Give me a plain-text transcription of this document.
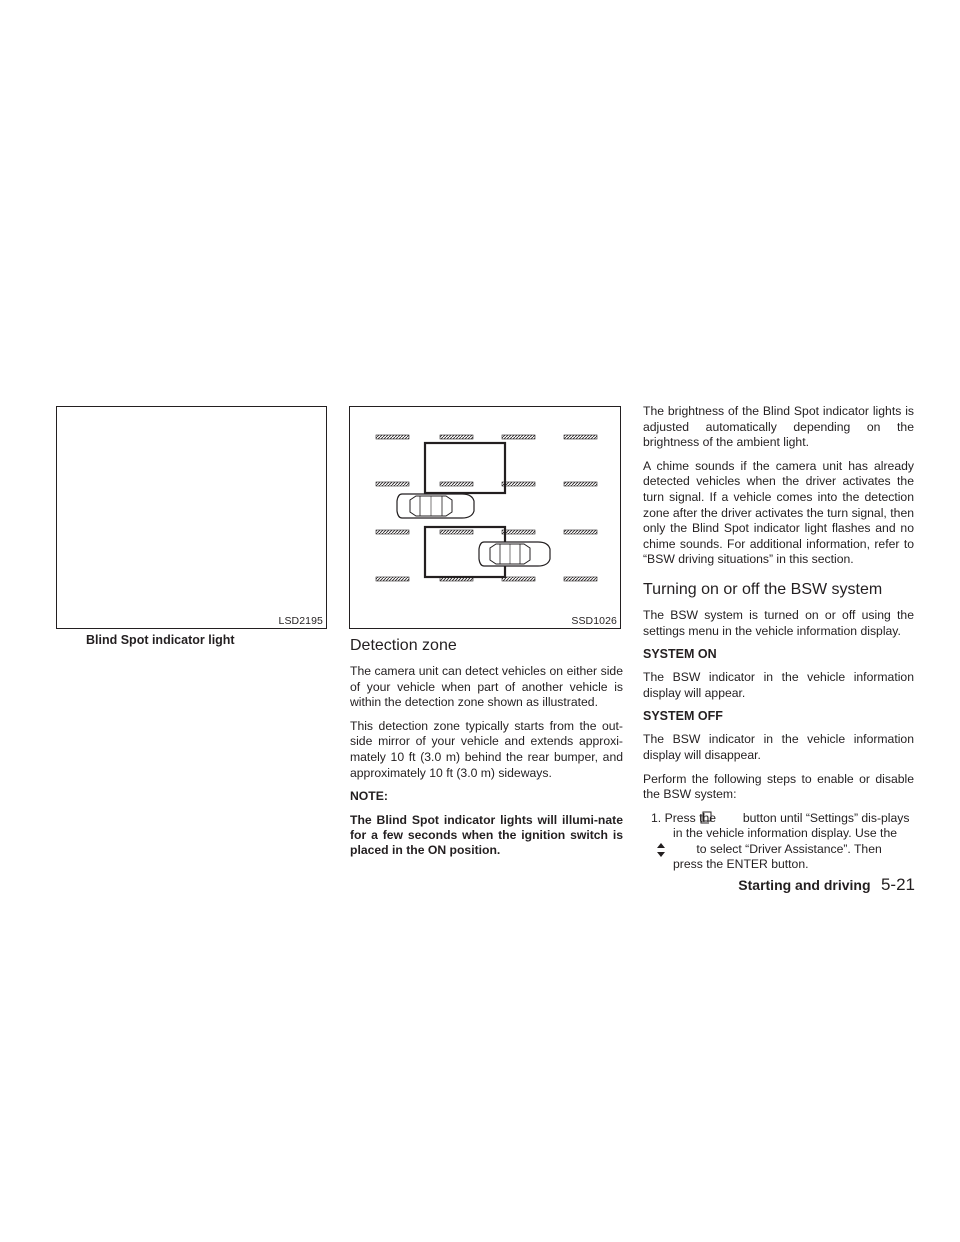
LSD2195
Blind Spot indicator light
SSD1026
Detection zone

The camera unit can detect vehicles on either side of your vehicle when part of another vehicle is within the detection zone shown as illustrated.

This detection zone typically starts from the out-side mirror of your vehicle and extends approxi-mately 10 ft (3.0 m) behind the rear bumper, and approximately 10 ft (3.0 m) sideways.

NOTE:

The Blind Spot indicator lights will illumi-nate for a few seconds when the ignition switch is placed in the ON position.

The brightness of the Blind Spot indicator lights is adjusted automatically depending on the brightness of the ambient light.

A chime sounds if the camera unit has already detected vehicles when the driver activates the turn signal. If a vehicle comes into the detection zone after the driver activates the turn signal, then only the Blind Spot indicator light flashes and no chime sounds. For additional information, refer to “BSW driving situations” in this section.

Turning on or off the BSW system

The BSW system is turned on or off using the settings menu in the vehicle information display.

SYSTEM ON

The BSW indicator in the vehicle information display will appear.

SYSTEM OFF

The BSW indicator in the vehicle information display will disappear.

Perform the following steps to enable or disable the BSW system:

1. Press the button until “Settings” dis-plays in the vehicle information display. Use the  to select “Driver Assistance”. Then press the ENTER button.

Starting and driving 5-21
